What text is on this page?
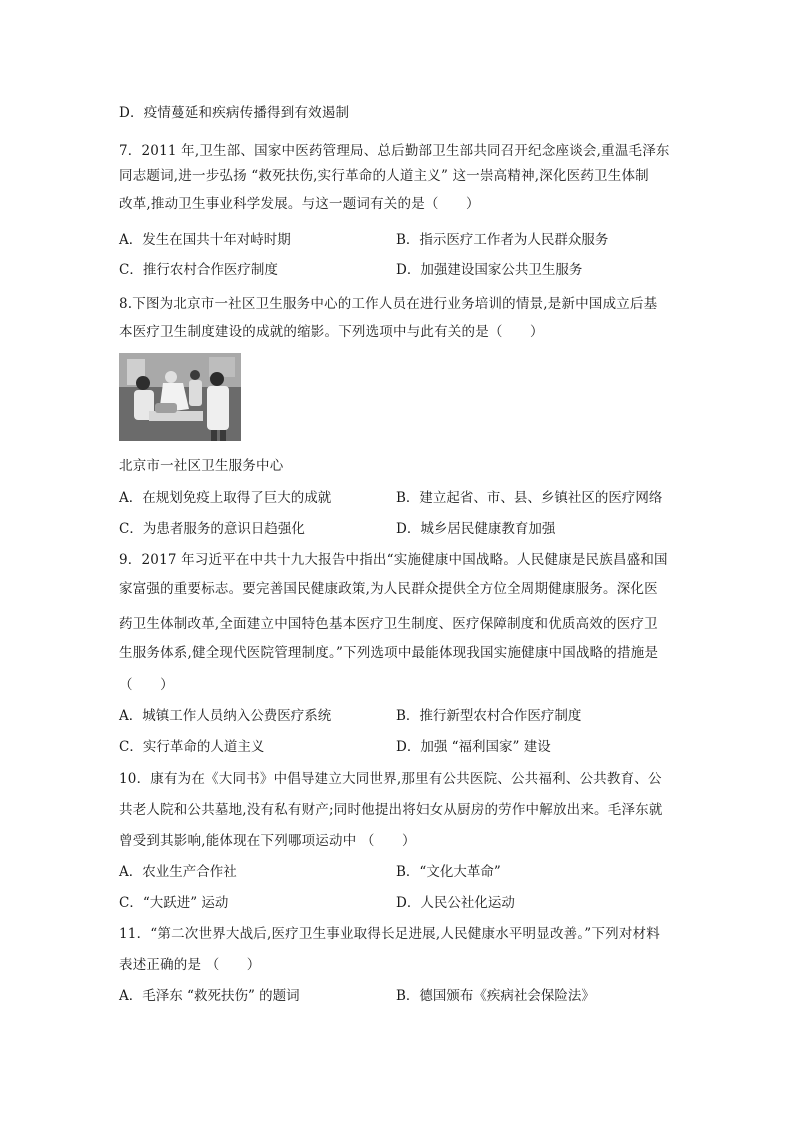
D．疫情蔓延和疾病传播得到有效遏制
7．2011 年,卫生部、国家中医药管理局、总后勤部卫生部共同召开纪念座谈会,重温毛泽东
同志题词,进一步弘扬 “救死扶伤,实行革命的人道主义” 这一崇高精神,深化医药卫生体制
改革,推动卫生事业科学发展。与这一题词有关的是（　　）
A．发生在国共十年对峙时期	B．指示医疗工作者为人民群众服务
C．推行农村合作医疗制度	D．加强建设国家公共卫生服务
8.下图为北京市一社区卫生服务中心的工作人员在进行业务培训的情景,是新中国成立后基
本医疗卫生制度建设的成就的缩影。下列选项中与此有关的是（　　）
北京市一社区卫生服务中心
A．在规划免疫上取得了巨大的成就	B．建立起省、市、县、乡镇社区的医疗网络
C．为患者服务的意识日趋强化	D．城乡居民健康教育加强
9．2017 年习近平在中共十九大报告中指出“实施健康中国战略。人民健康是民族昌盛和国
家富强的重要标志。要完善国民健康政策,为人民群众提供全方位全周期健康服务。深化医
药卫生体制改革,全面建立中国特色基本医疗卫生制度、医疗保障制度和优质高效的医疗卫
生服务体系,健全现代医院管理制度。”下列选项中最能体现我国实施健康中国战略的措施是
（　　）
A．城镇工作人员纳入公费医疗系统	B．推行新型农村合作医疗制度
C．实行革命的人道主义	D．加强 “福利国家” 建设
10．康有为在《大同书》中倡导建立大同世界,那里有公共医院、公共福利、公共教育、公
共老人院和公共墓地,没有私有财产;同时他提出将妇女从厨房的劳作中解放出来。毛泽东就
曾受到其影响,能体现在下列哪项运动中 （　　）
A．农业生产合作社	B．“文化大革命”
C．“大跃进” 运动	D．人民公社化运动
11．“第二次世界大战后,医疗卫生事业取得长足进展,人民健康水平明显改善。”下列对材料
表述正确的是 （　　）
A．毛泽东 “救死扶伤” 的题词	B．德国颁布《疾病社会保险法》
